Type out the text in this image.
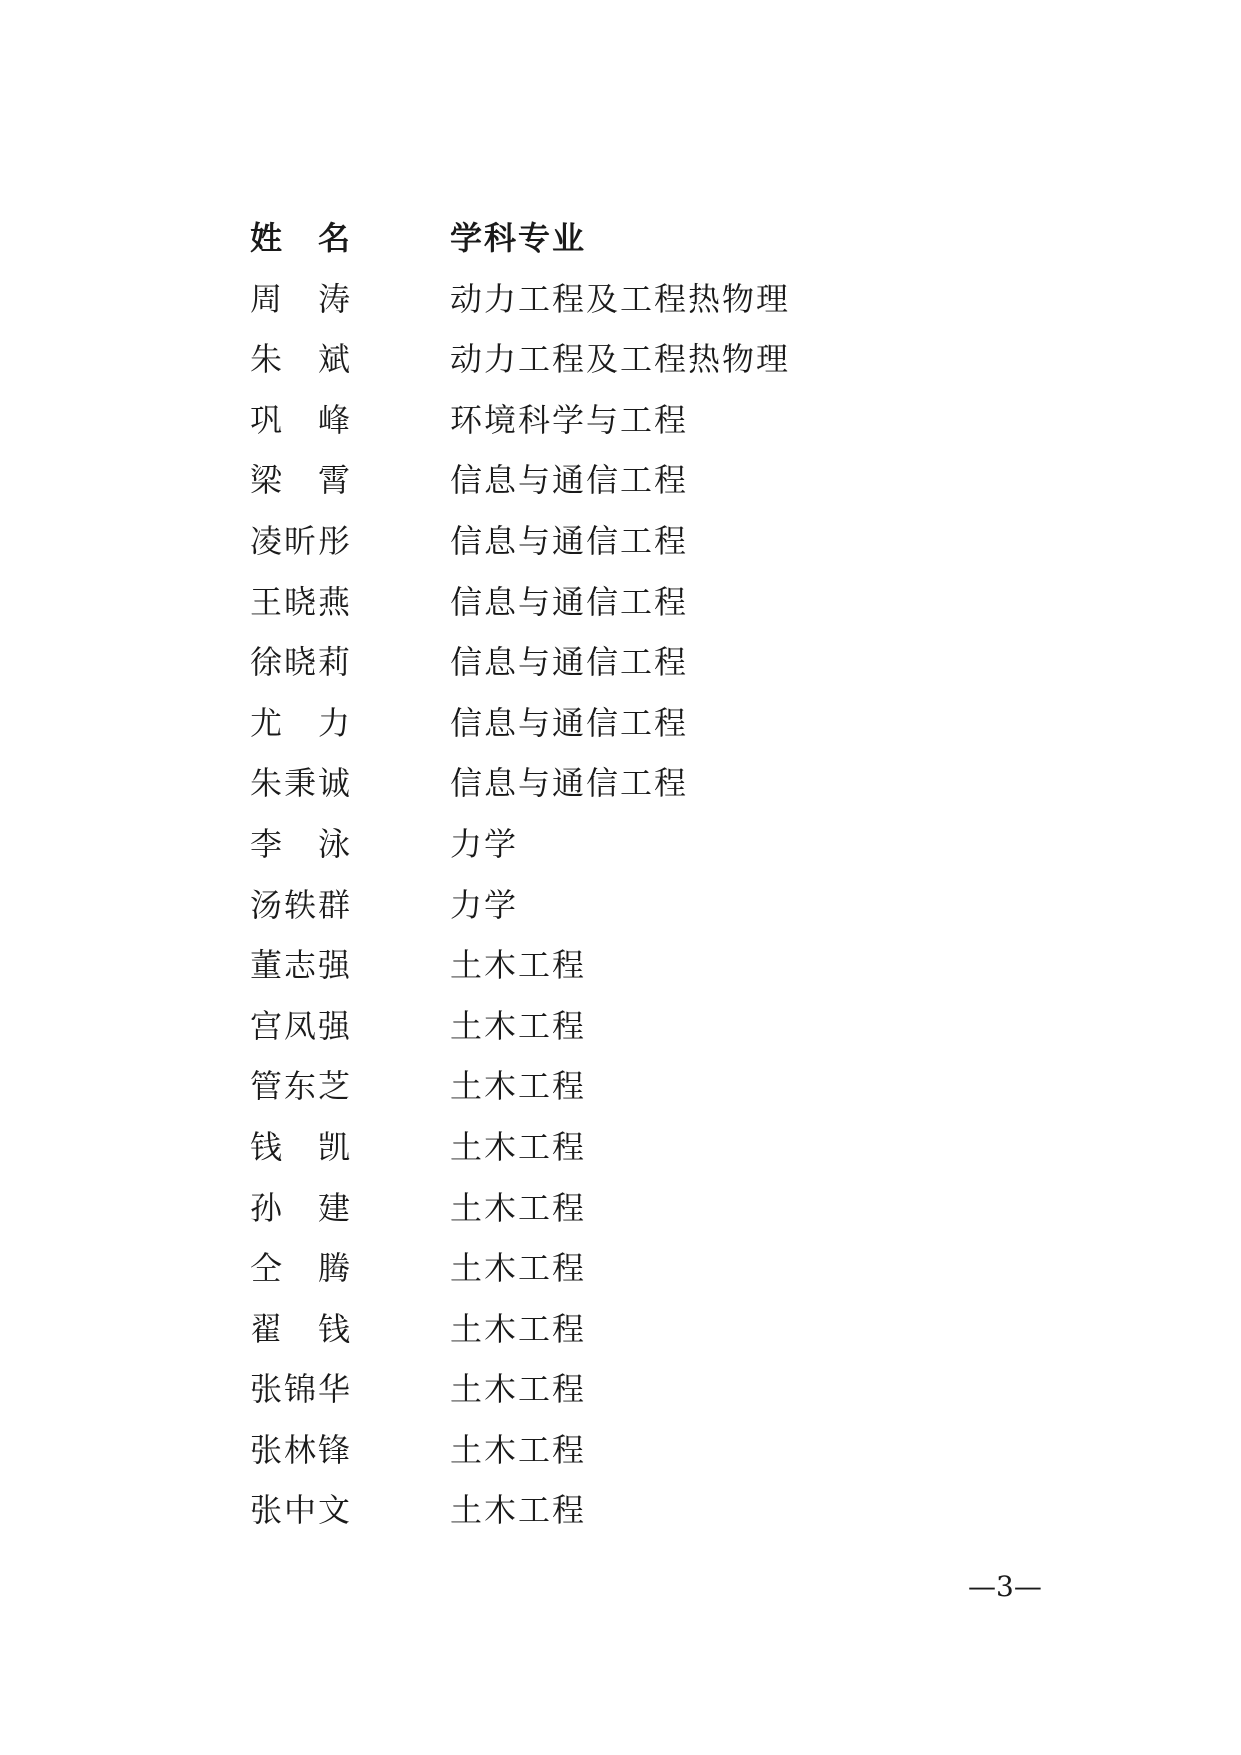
姓　名	学科专业
周　涛	动力工程及工程热物理
朱　斌	动力工程及工程热物理
巩　峰	环境科学与工程
梁　霄	信息与通信工程
凌昕彤	信息与通信工程
王晓燕	信息与通信工程
徐晓莉	信息与通信工程
尤　力	信息与通信工程
朱秉诚	信息与通信工程
李　泳	力学
汤轶群	力学
董志强	土木工程
宫凤强	土木工程
管东芝	土木工程
钱　凯	土木工程
孙　建	土木工程
仝　腾	土木工程
翟　钱	土木工程
张锦华	土木工程
张林锋	土木工程
张中文	土木工程
—3—
